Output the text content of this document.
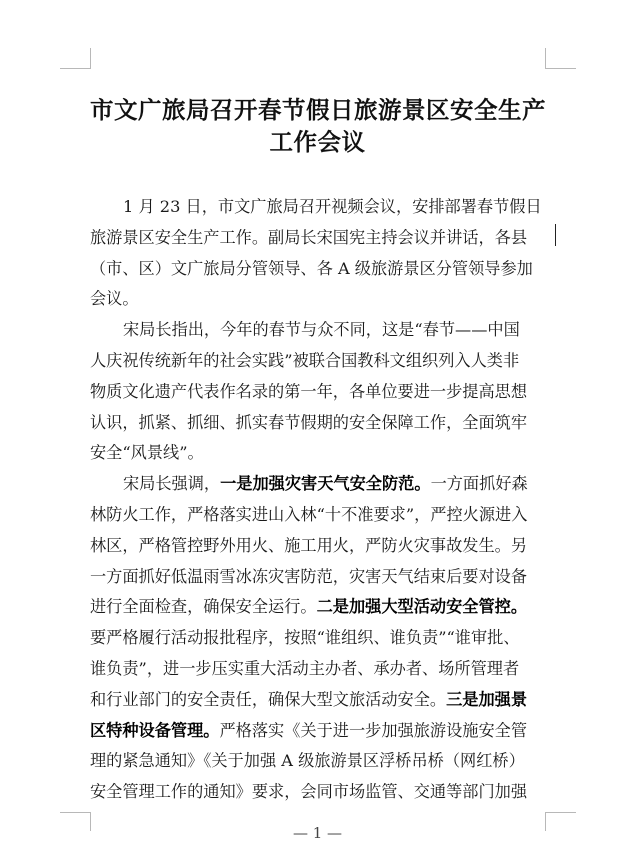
市文广旅局召开春节假日旅游景区安全生产
工作会议
1 月 23 日，市文广旅局召开视频会议，安排部署春节假日
旅游景区安全生产工作。副局长宋国宪主持会议并讲话，各县
（市、区）文广旅局分管领导、各 A 级旅游景区分管领导参加
会议。
宋局长指出，今年的春节与众不同，这是“春节——中国
人庆祝传统新年的社会实践”被联合国教科文组织列入人类非
物质文化遗产代表作名录的第一年，各单位要进一步提高思想
认识，抓紧、抓细、抓实春节假期的安全保障工作，全面筑牢
安全“风景线”。
宋局长强调，一是加强灾害天气安全防范。一方面抓好森
林防火工作，严格落实进山入林“十不准要求”，严控火源进入
林区，严格管控野外用火、施工用火，严防火灾事故发生。另
一方面抓好低温雨雪冰冻灾害防范，灾害天气结束后要对设备
进行全面检查，确保安全运行。二是加强大型活动安全管控。
要严格履行活动报批程序，按照“谁组织、谁负责”“谁审批、
谁负责”，进一步压实重大活动主办者、承办者、场所管理者
和行业部门的安全责任，确保大型文旅活动安全。三是加强景
区特种设备管理。严格落实《关于进一步加强旅游设施安全管
理的紧急通知》《关于加强 A 级旅游景区浮桥吊桥（网红桥）
安全管理工作的通知》要求，会同市场监管、交通等部门加强
— 1 —
